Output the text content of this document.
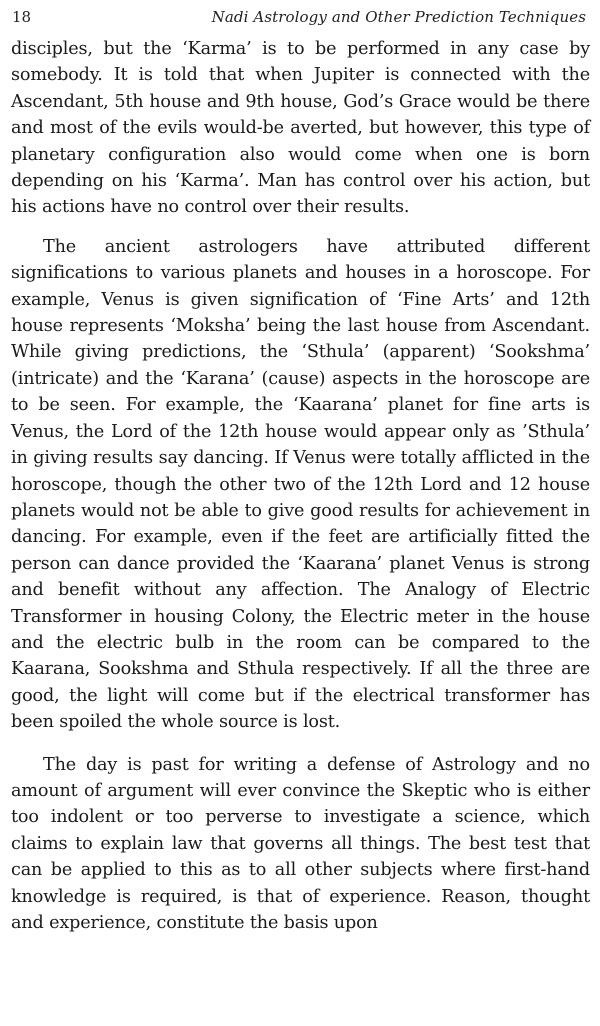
18	Nadi Astrology and Other Prediction Techniques

disciples, but the ‘Karma’ is to be performed in any case by somebody. It is told that when Jupiter is connected with the Ascendant, 5th house and 9th house, God’s Grace would be there and most of the evils would-be averted, but however, this type of planetary configuration also would come when one is born depending on his ‘Karma’. Man has control over his action, but his actions have no control over their results.

The ancient astrologers have attributed different significations to various planets and houses in a horoscope. For example, Venus is given signification of ‘Fine Arts’ and 12th house represents ‘Moksha’ being the last house from Ascendant. While giving predictions, the ‘Sthula’ (apparent) ‘Sookshma’ (intricate) and the ‘Karana’ (cause) aspects in the horoscope are to be seen. For example, the ‘Kaarana’ planet for fine arts is Venus, the Lord of the 12th house would appear only as ’Sthula’ in giving results say dancing. If Venus were totally afflicted in the horoscope, though the other two of the 12th Lord and 12 house planets would not be able to give good results for achievement in dancing. For example, even if the feet are artificially fitted the person can dance provided the ‘Kaarana’ planet Venus is strong and benefit without any affection. The Analogy of Electric Transformer in housing Colony, the Electric meter in the house and the electric bulb in the room can be compared to the Kaarana, Sookshma and Sthula respectively. If all the three are good, the light will come but if the electrical transformer has been spoiled the whole source is lost.

The day is past for writing a defense of Astrology and no amount of argument will ever convince the Skeptic who is either too indolent or too perverse to investigate a science, which claims to explain law that governs all things. The best test that can be applied to this as to all other subjects where first-hand knowledge is required, is that of experience. Reason, thought and experience, constitute the basis upon
